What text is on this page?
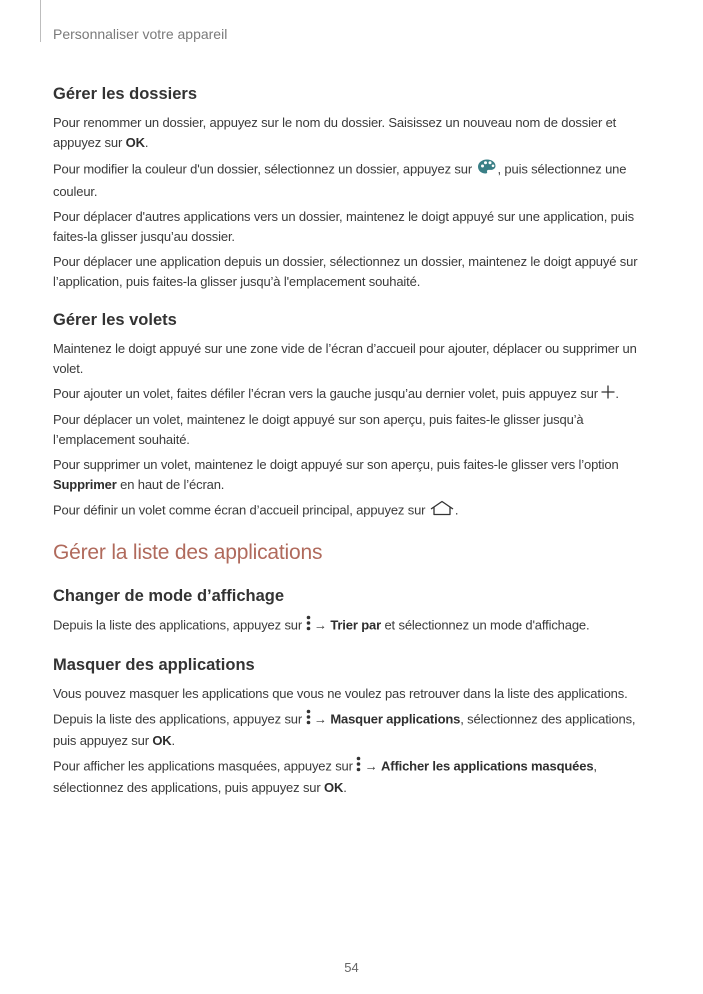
Personnaliser votre appareil
Gérer les dossiers

Pour renommer un dossier, appuyez sur le nom du dossier. Saisissez un nouveau nom de dossier et appuyez sur OK.

Pour modifier la couleur d'un dossier, sélectionnez un dossier, appuyez sur , puis sélectionnez une couleur.

Pour déplacer d'autres applications vers un dossier, maintenez le doigt appuyé sur une application, puis faites-la glisser jusqu’au dossier.

Pour déplacer une application depuis un dossier, sélectionnez un dossier, maintenez le doigt appuyé sur l’application, puis faites-la glisser jusqu’à l'emplacement souhaité.

Gérer les volets

Maintenez le doigt appuyé sur une zone vide de l’écran d’accueil pour ajouter, déplacer ou supprimer un volet.

Pour ajouter un volet, faites défiler l’écran vers la gauche jusqu’au dernier volet, puis appuyez sur .

Pour déplacer un volet, maintenez le doigt appuyé sur son aperçu, puis faites-le glisser jusqu’à l’emplacement souhaité.

Pour supprimer un volet, maintenez le doigt appuyé sur son aperçu, puis faites-le glisser vers l’option Supprimer en haut de l’écran.

Pour définir un volet comme écran d’accueil principal, appuyez sur .

Gérer la liste des applications
Changer de mode d’affichage

Depuis la liste des applications, appuyez sur  → Trier par et sélectionnez un mode d'affichage.

Masquer des applications

Vous pouvez masquer les applications que vous ne voulez pas retrouver dans la liste des applications.

Depuis la liste des applications, appuyez sur  → Masquer applications, sélectionnez des applications, puis appuyez sur OK.

Pour afficher les applications masquées, appuyez sur  → Afficher les applications masquées, sélectionnez des applications, puis appuyez sur OK.

54
